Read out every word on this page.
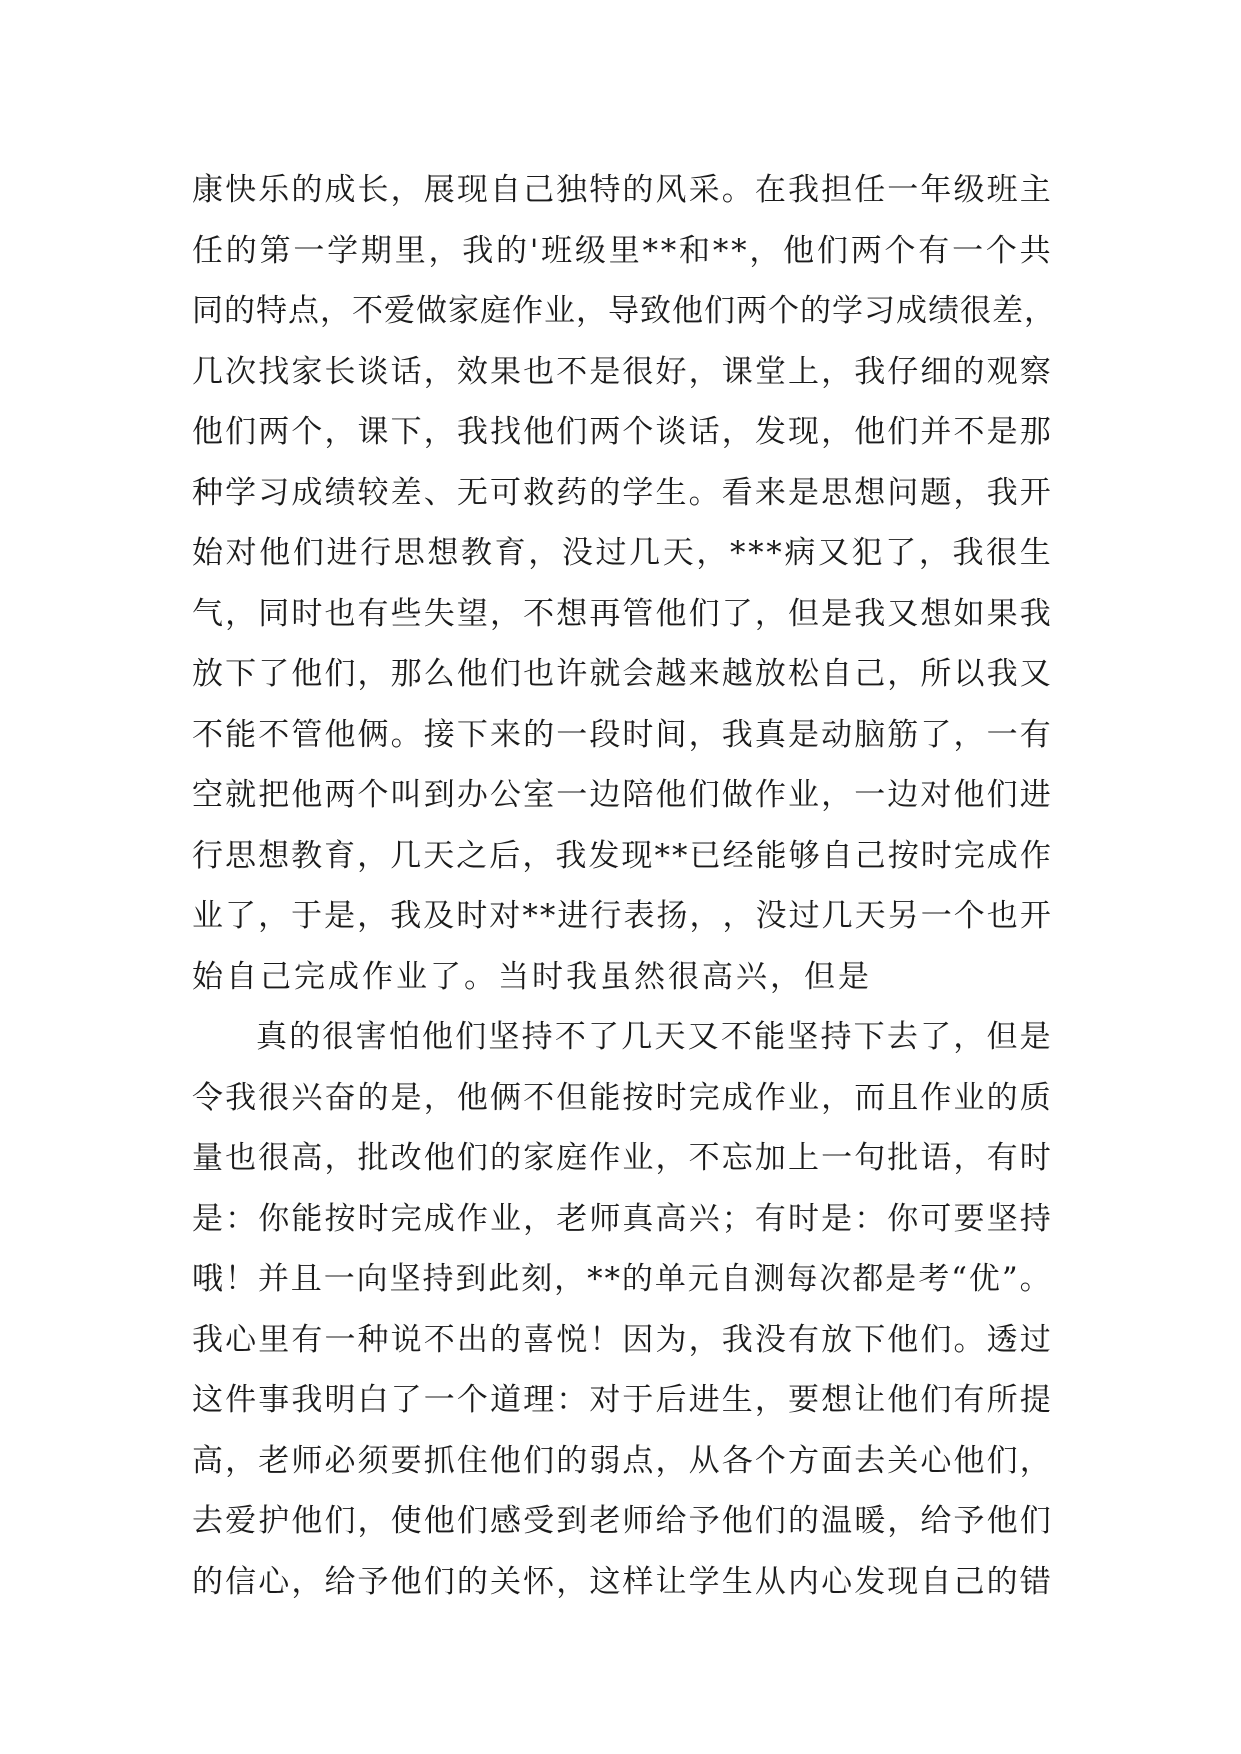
康 快 乐 的 成 长 ， 展 现 自 己 独 特 的 风 采 。 在 我 担 任 一 年 级 班 主
任 的 第 一 学 期 里 ， 我 的 ' 班 级 里 * * 和 * * ， 他 们 两 个 有 一 个 共
同 的 特 点 ， 不 爱 做 家 庭 作 业 ， 导 致 他 们 两 个 的 学 习 成 绩 很 差 ，
几 次 找 家 长 谈 话 ， 效 果 也 不 是 很 好 ， 课 堂 上 ， 我 仔 细 的 观 察
他 们 两 个 ， 课 下 ， 我 找 他 们 两 个 谈 话 ， 发 现 ， 他 们 并 不 是 那
种 学 习 成 绩 较 差 、 无 可 救 药 的 学 生 。 看 来 是 思 想 问 题 ， 我 开
始 对 他 们 进 行 思 想 教 育 ， 没 过 几 天 ， * * * 病 又 犯 了 ， 我 很 生
气 ， 同 时 也 有 些 失 望 ， 不 想 再 管 他 们 了 ， 但 是 我 又 想 如 果 我
放 下 了 他 们 ， 那 么 他 们 也 许 就 会 越 来 越 放 松 自 己 ， 所 以 我 又
不 能 不 管 他 俩 。 接 下 来 的 一 段 时 间 ， 我 真 是 动 脑 筋 了 ， 一 有
空 就 把 他 两 个 叫 到 办 公 室 一 边 陪 他 们 做 作 业 ， 一 边 对 他 们 进
行 思 想 教 育 ， 几 天 之 后 ， 我 发 现 * * 已 经 能 够 自 己 按 时 完 成 作
业 了 ， 于 是 ， 我 及 时 对 * * 进 行 表 扬 ， ， 没 过 几 天 另 一 个 也 开
始自己完成作业了。当时我虽然很高兴，但是
真 的 很 害 怕 他 们 坚 持 不 了 几 天 又 不 能 坚 持 下 去 了 ， 但 是
令 我 很 兴 奋 的 是 ， 他 俩 不 但 能 按 时 完 成 作 业 ， 而 且 作 业 的 质
量 也 很 高 ， 批 改 他 们 的 家 庭 作 业 ， 不 忘 加 上 一 句 批 语 ， 有 时
是 ： 你 能 按 时 完 成 作 业 ， 老 师 真 高 兴 ； 有 时 是 ： 你 可 要 坚 持
哦 ！ 并 且 一 向 坚 持 到 此 刻 ， * * 的 单 元 自 测 每 次 都 是 考 “ 优 ” 。
我 心 里 有 一 种 说 不 出 的 喜 悦 ！ 因 为 ， 我 没 有 放 下 他 们 。 透 过
这 件 事 我 明 白 了 一 个 道 理 ： 对 于 后 进 生 ， 要 想 让 他 们 有 所 提
高 ， 老 师 必 须 要 抓 住 他 们 的 弱 点 ， 从 各 个 方 面 去 关 心 他 们 ，
去 爱 护 他 们 ， 使 他 们 感 受 到 老 师 给 予 他 们 的 温 暖 ， 给 予 他 们
的 信 心 ， 给 予 他 们 的 关 怀 ， 这 样 让 学 生 从 内 心 发 现 自 己 的 错
